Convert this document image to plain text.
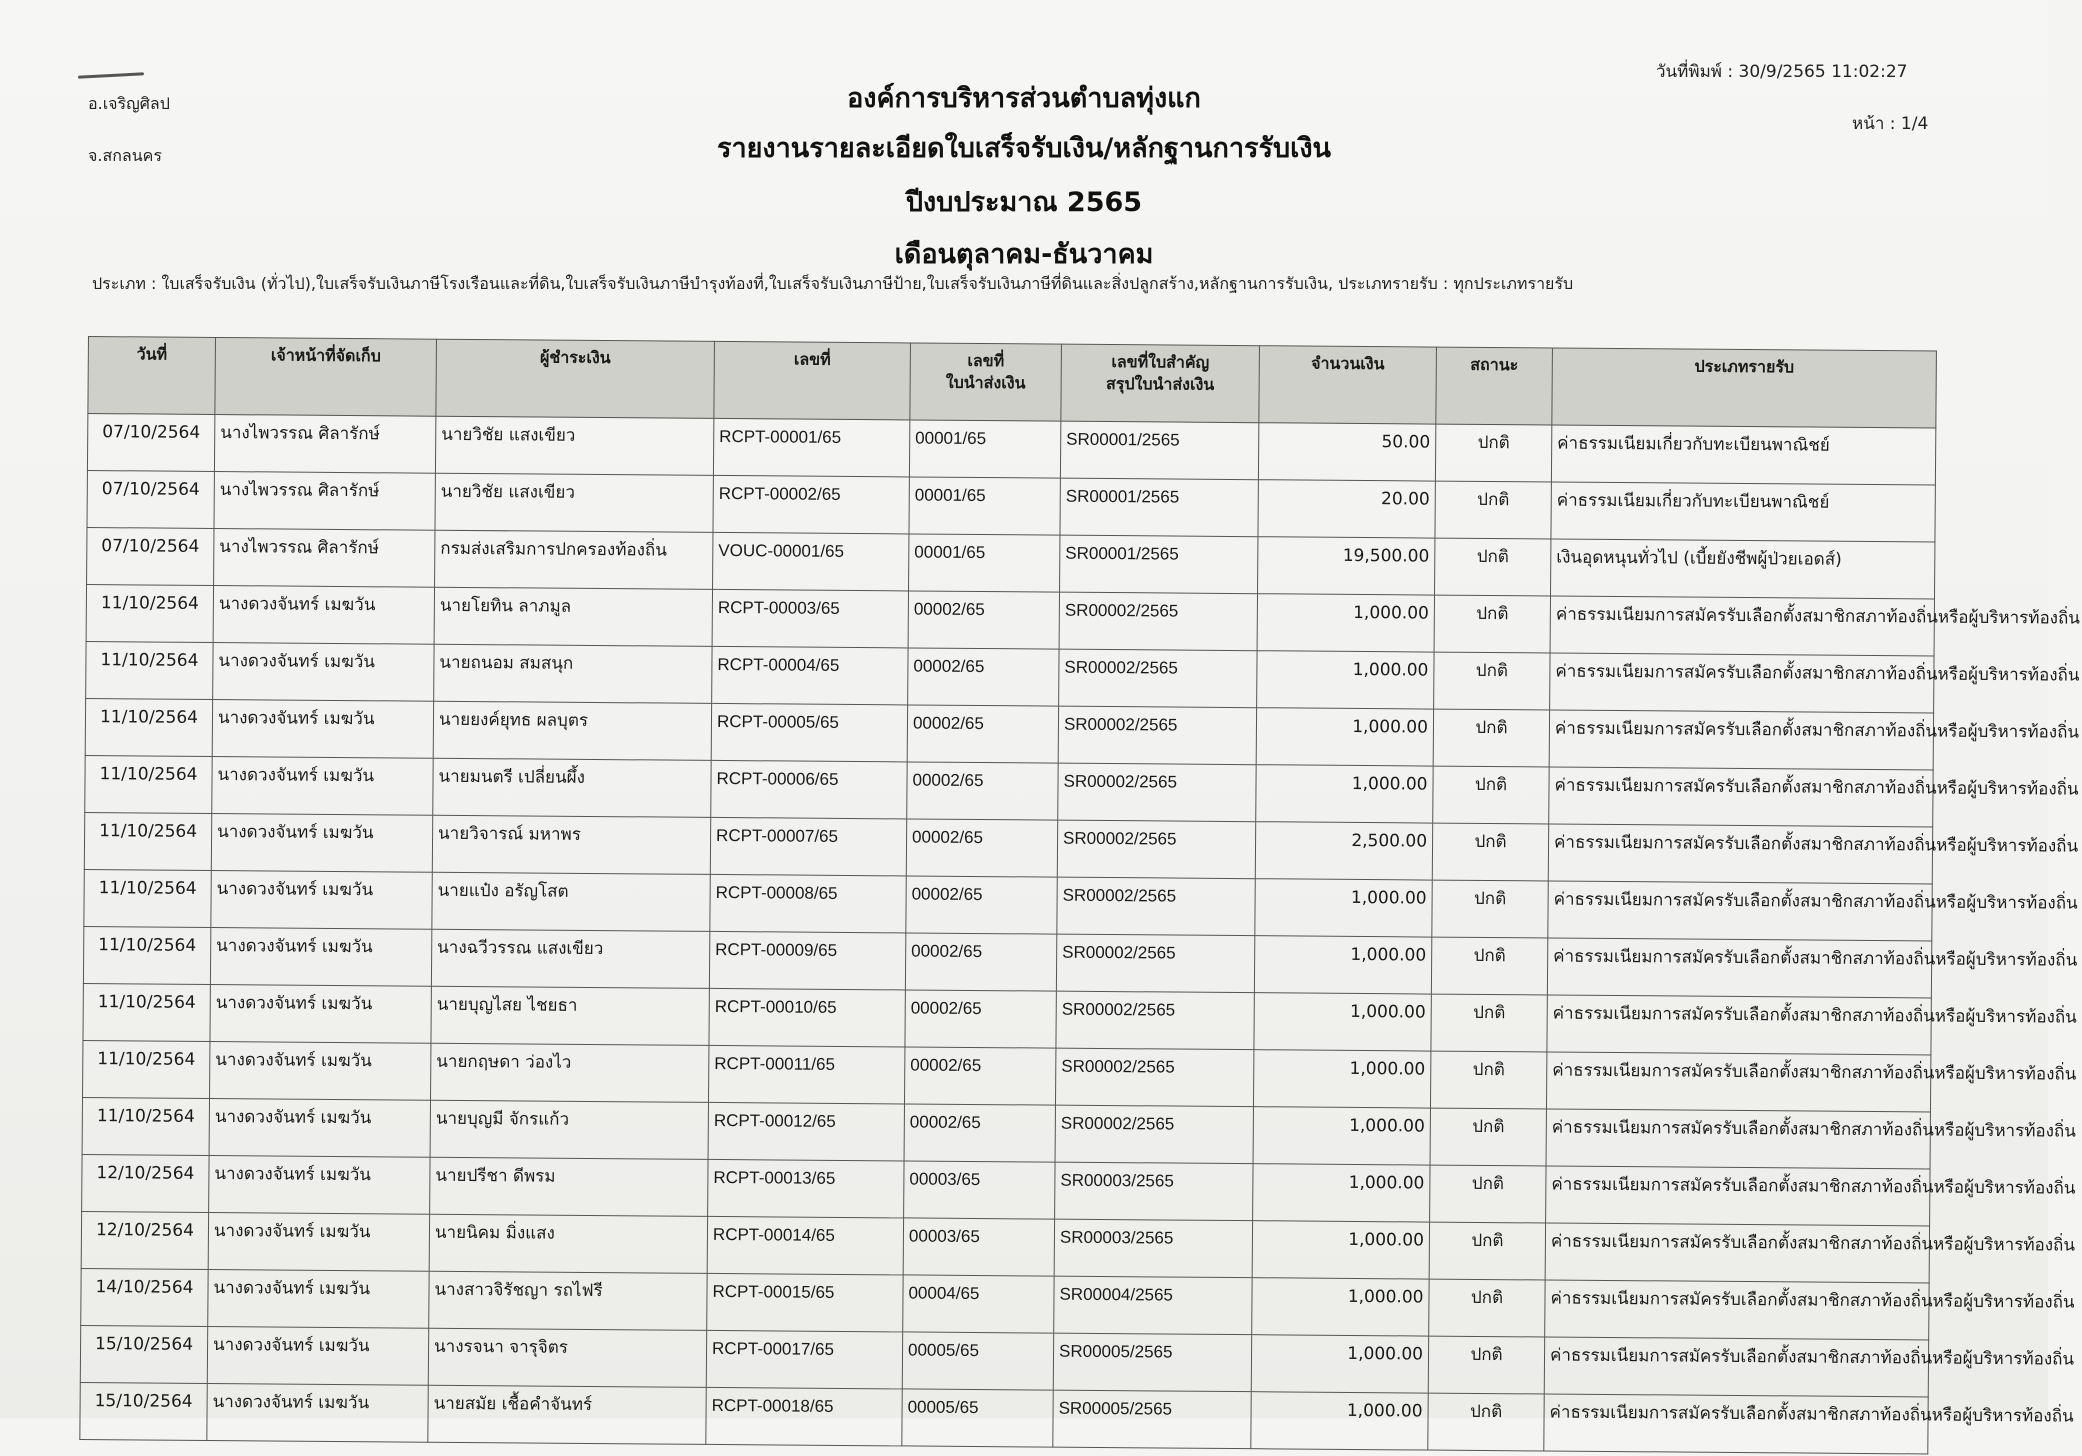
อ.เจริญศิลป
จ.สกลนคร
วันที่พิมพ์ : 30/9/2565 11:02:27
หน้า : 1/4
องค์การบริหารส่วนตำบลทุ่งแก
รายงานรายละเอียดใบเสร็จรับเงิน/หลักฐานการรับเงิน
ปีงบประมาณ 2565
เดือนตุลาคม-ธันวาคม
ประเภท : ใบเสร็จรับเงิน (ทั่วไป),ใบเสร็จรับเงินภาษีโรงเรือนและที่ดิน,ใบเสร็จรับเงินภาษีบำรุงท้องที่,ใบเสร็จรับเงินภาษีป้าย,ใบเสร็จรับเงินภาษีที่ดินและสิ่งปลูกสร้าง,หลักฐานการรับเงิน, ประเภทรายรับ : ทุกประเภทรายรับ
วันที่	เจ้าหน้าที่จัดเก็บ	ผู้ชำระเงิน	เลขที่	เลขที่
ใบนำส่งเงิน	เลขที่ใบสำคัญ
สรุปใบนำส่งเงิน	จำนวนเงิน	สถานะ	ประเภทรายรับ
07/10/2564	นางไพวรรณ ศิลารักษ์	นายวิชัย แสงเขียว	RCPT-00001/65	00001/65	SR00001/2565	50.00	ปกติ	ค่าธรรมเนียมเกี่ยวกับทะเบียนพาณิชย์
07/10/2564	นางไพวรรณ ศิลารักษ์	นายวิชัย แสงเขียว	RCPT-00002/65	00001/65	SR00001/2565	20.00	ปกติ	ค่าธรรมเนียมเกี่ยวกับทะเบียนพาณิชย์
07/10/2564	นางไพวรรณ ศิลารักษ์	กรมส่งเสริมการปกครองท้องถิ่น	VOUC-00001/65	00001/65	SR00001/2565	19,500.00	ปกติ	เงินอุดหนุนทั่วไป (เบี้ยยังชีพผู้ป่วยเอดส์)
11/10/2564	นางดวงจันทร์ เมฆวัน	นายโยทิน ลาภมูล	RCPT-00003/65	00002/65	SR00002/2565	1,000.00	ปกติ	ค่าธรรมเนียมการสมัครรับเลือกตั้งสมาชิกสภาท้องถิ่นหรือผู้บริหารท้องถิ่น
11/10/2564	นางดวงจันทร์ เมฆวัน	นายถนอม สมสนุก	RCPT-00004/65	00002/65	SR00002/2565	1,000.00	ปกติ	ค่าธรรมเนียมการสมัครรับเลือกตั้งสมาชิกสภาท้องถิ่นหรือผู้บริหารท้องถิ่น
11/10/2564	นางดวงจันทร์ เมฆวัน	นายยงค์ยุทธ ผลบุตร	RCPT-00005/65	00002/65	SR00002/2565	1,000.00	ปกติ	ค่าธรรมเนียมการสมัครรับเลือกตั้งสมาชิกสภาท้องถิ่นหรือผู้บริหารท้องถิ่น
11/10/2564	นางดวงจันทร์ เมฆวัน	นายมนตรี เปลี่ยนผึ้ง	RCPT-00006/65	00002/65	SR00002/2565	1,000.00	ปกติ	ค่าธรรมเนียมการสมัครรับเลือกตั้งสมาชิกสภาท้องถิ่นหรือผู้บริหารท้องถิ่น
11/10/2564	นางดวงจันทร์ เมฆวัน	นายวิจารณ์ มหาพร	RCPT-00007/65	00002/65	SR00002/2565	2,500.00	ปกติ	ค่าธรรมเนียมการสมัครรับเลือกตั้งสมาชิกสภาท้องถิ่นหรือผู้บริหารท้องถิ่น
11/10/2564	นางดวงจันทร์ เมฆวัน	นายแป๋ง อรัญโสต	RCPT-00008/65	00002/65	SR00002/2565	1,000.00	ปกติ	ค่าธรรมเนียมการสมัครรับเลือกตั้งสมาชิกสภาท้องถิ่นหรือผู้บริหารท้องถิ่น
11/10/2564	นางดวงจันทร์ เมฆวัน	นางฉวีวรรณ แสงเขียว	RCPT-00009/65	00002/65	SR00002/2565	1,000.00	ปกติ	ค่าธรรมเนียมการสมัครรับเลือกตั้งสมาชิกสภาท้องถิ่นหรือผู้บริหารท้องถิ่น
11/10/2564	นางดวงจันทร์ เมฆวัน	นายบุญไสย ไชยธา	RCPT-00010/65	00002/65	SR00002/2565	1,000.00	ปกติ	ค่าธรรมเนียมการสมัครรับเลือกตั้งสมาชิกสภาท้องถิ่นหรือผู้บริหารท้องถิ่น
11/10/2564	นางดวงจันทร์ เมฆวัน	นายกฤษดา ว่องไว	RCPT-00011/65	00002/65	SR00002/2565	1,000.00	ปกติ	ค่าธรรมเนียมการสมัครรับเลือกตั้งสมาชิกสภาท้องถิ่นหรือผู้บริหารท้องถิ่น
11/10/2564	นางดวงจันทร์ เมฆวัน	นายบุญมี จักรแก้ว	RCPT-00012/65	00002/65	SR00002/2565	1,000.00	ปกติ	ค่าธรรมเนียมการสมัครรับเลือกตั้งสมาชิกสภาท้องถิ่นหรือผู้บริหารท้องถิ่น
12/10/2564	นางดวงจันทร์ เมฆวัน	นายปรีชา ดีพรม	RCPT-00013/65	00003/65	SR00003/2565	1,000.00	ปกติ	ค่าธรรมเนียมการสมัครรับเลือกตั้งสมาชิกสภาท้องถิ่นหรือผู้บริหารท้องถิ่น
12/10/2564	นางดวงจันทร์ เมฆวัน	นายนิคม มิ่งแสง	RCPT-00014/65	00003/65	SR00003/2565	1,000.00	ปกติ	ค่าธรรมเนียมการสมัครรับเลือกตั้งสมาชิกสภาท้องถิ่นหรือผู้บริหารท้องถิ่น
14/10/2564	นางดวงจันทร์ เมฆวัน	นางสาวจิรัชญา รถไฟรี	RCPT-00015/65	00004/65	SR00004/2565	1,000.00	ปกติ	ค่าธรรมเนียมการสมัครรับเลือกตั้งสมาชิกสภาท้องถิ่นหรือผู้บริหารท้องถิ่น
15/10/2564	นางดวงจันทร์ เมฆวัน	นางรจนา จารุจิตร	RCPT-00017/65	00005/65	SR00005/2565	1,000.00	ปกติ	ค่าธรรมเนียมการสมัครรับเลือกตั้งสมาชิกสภาท้องถิ่นหรือผู้บริหารท้องถิ่น
15/10/2564	นางดวงจันทร์ เมฆวัน	นายสมัย เชื้อคำจันทร์	RCPT-00018/65	00005/65	SR00005/2565	1,000.00	ปกติ	ค่าธรรมเนียมการสมัครรับเลือกตั้งสมาชิกสภาท้องถิ่นหรือผู้บริหารท้องถิ่น
